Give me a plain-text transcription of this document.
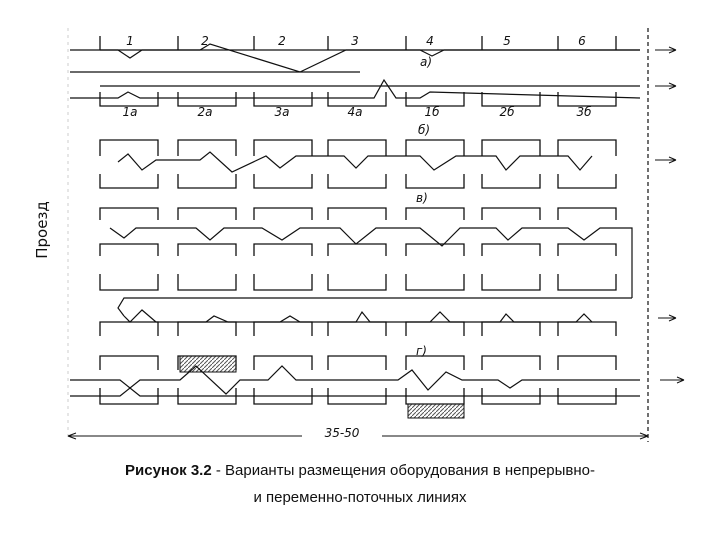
Проезд
1	2	2	3	4	5	6
1а	2а	3а	4а	1б	2б	3б
а)
б)
в)
г)
35-50
Рисунок 3.2 - Варианты размещения оборудования в непрерывно-
и переменно-поточных линиях
